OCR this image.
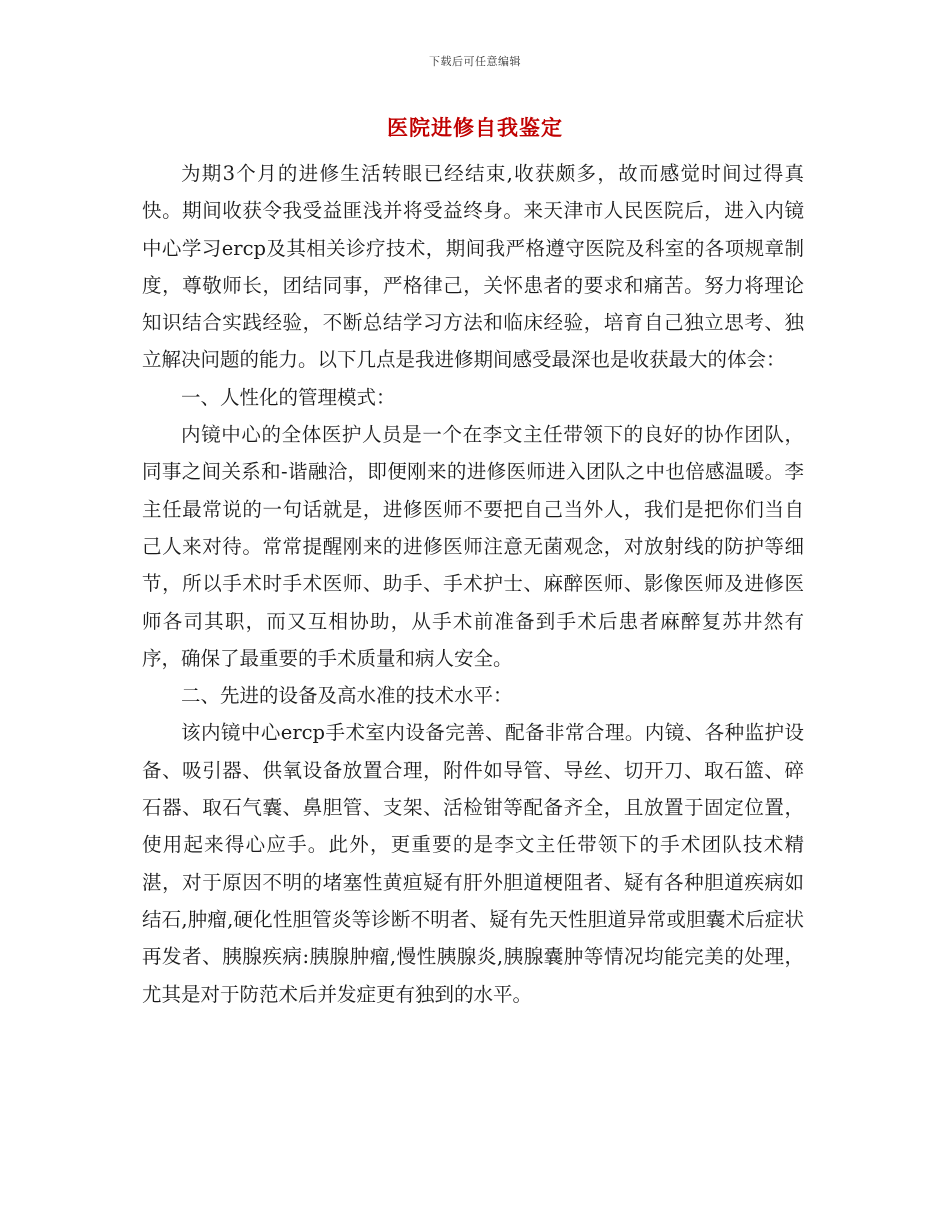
下载后可任意编辑
医院进修自我鉴定

为期3个月的进修生活转眼已经结束,收获颇多，故而感觉时间过得真快。期间收获令我受益匪浅并将受益终身。来天津市人民医院后，进入内镜中心学习ercp及其相关诊疗技术，期间我严格遵守医院及科室的各项规章制度，尊敬师长，团结同事，严格律己，关怀患者的要求和痛苦。努力将理论知识结合实践经验，不断总结学习方法和临床经验，培育自己独立思考、独立解决问题的能力。以下几点是我进修期间感受最深也是收获最大的体会：

一、人性化的管理模式：

内镜中心的全体医护人员是一个在李文主任带领下的良好的协作团队，同事之间关系和-谐融洽，即便刚来的进修医师进入团队之中也倍感温暖。李主任最常说的一句话就是，进修医师不要把自己当外人，我们是把你们当自己人来对待。常常提醒刚来的进修医师注意无菌观念，对放射线的防护等细节，所以手术时手术医师、助手、手术护士、麻醉医师、影像医师及进修医师各司其职，而又互相协助，从手术前准备到手术后患者麻醉复苏井然有序，确保了最重要的手术质量和病人安全。

二、先进的设备及高水准的技术水平：

该内镜中心ercp手术室内设备完善、配备非常合理。内镜、各种监护设备、吸引器、供氧设备放置合理，附件如导管、导丝、切开刀、取石篮、碎石器、取石气囊、鼻胆管、支架、活检钳等配备齐全，且放置于固定位置，使用起来得心应手。此外，更重要的是李文主任带领下的手术团队技术精湛，对于原因不明的堵塞性黄疸疑有肝外胆道梗阻者、疑有各种胆道疾病如结石,肿瘤,硬化性胆管炎等诊断不明者、疑有先天性胆道异常或胆囊术后症状再发者、胰腺疾病:胰腺肿瘤,慢性胰腺炎,胰腺囊肿等情况均能完美的处理，尤其是对于防范术后并发症更有独到的水平。
